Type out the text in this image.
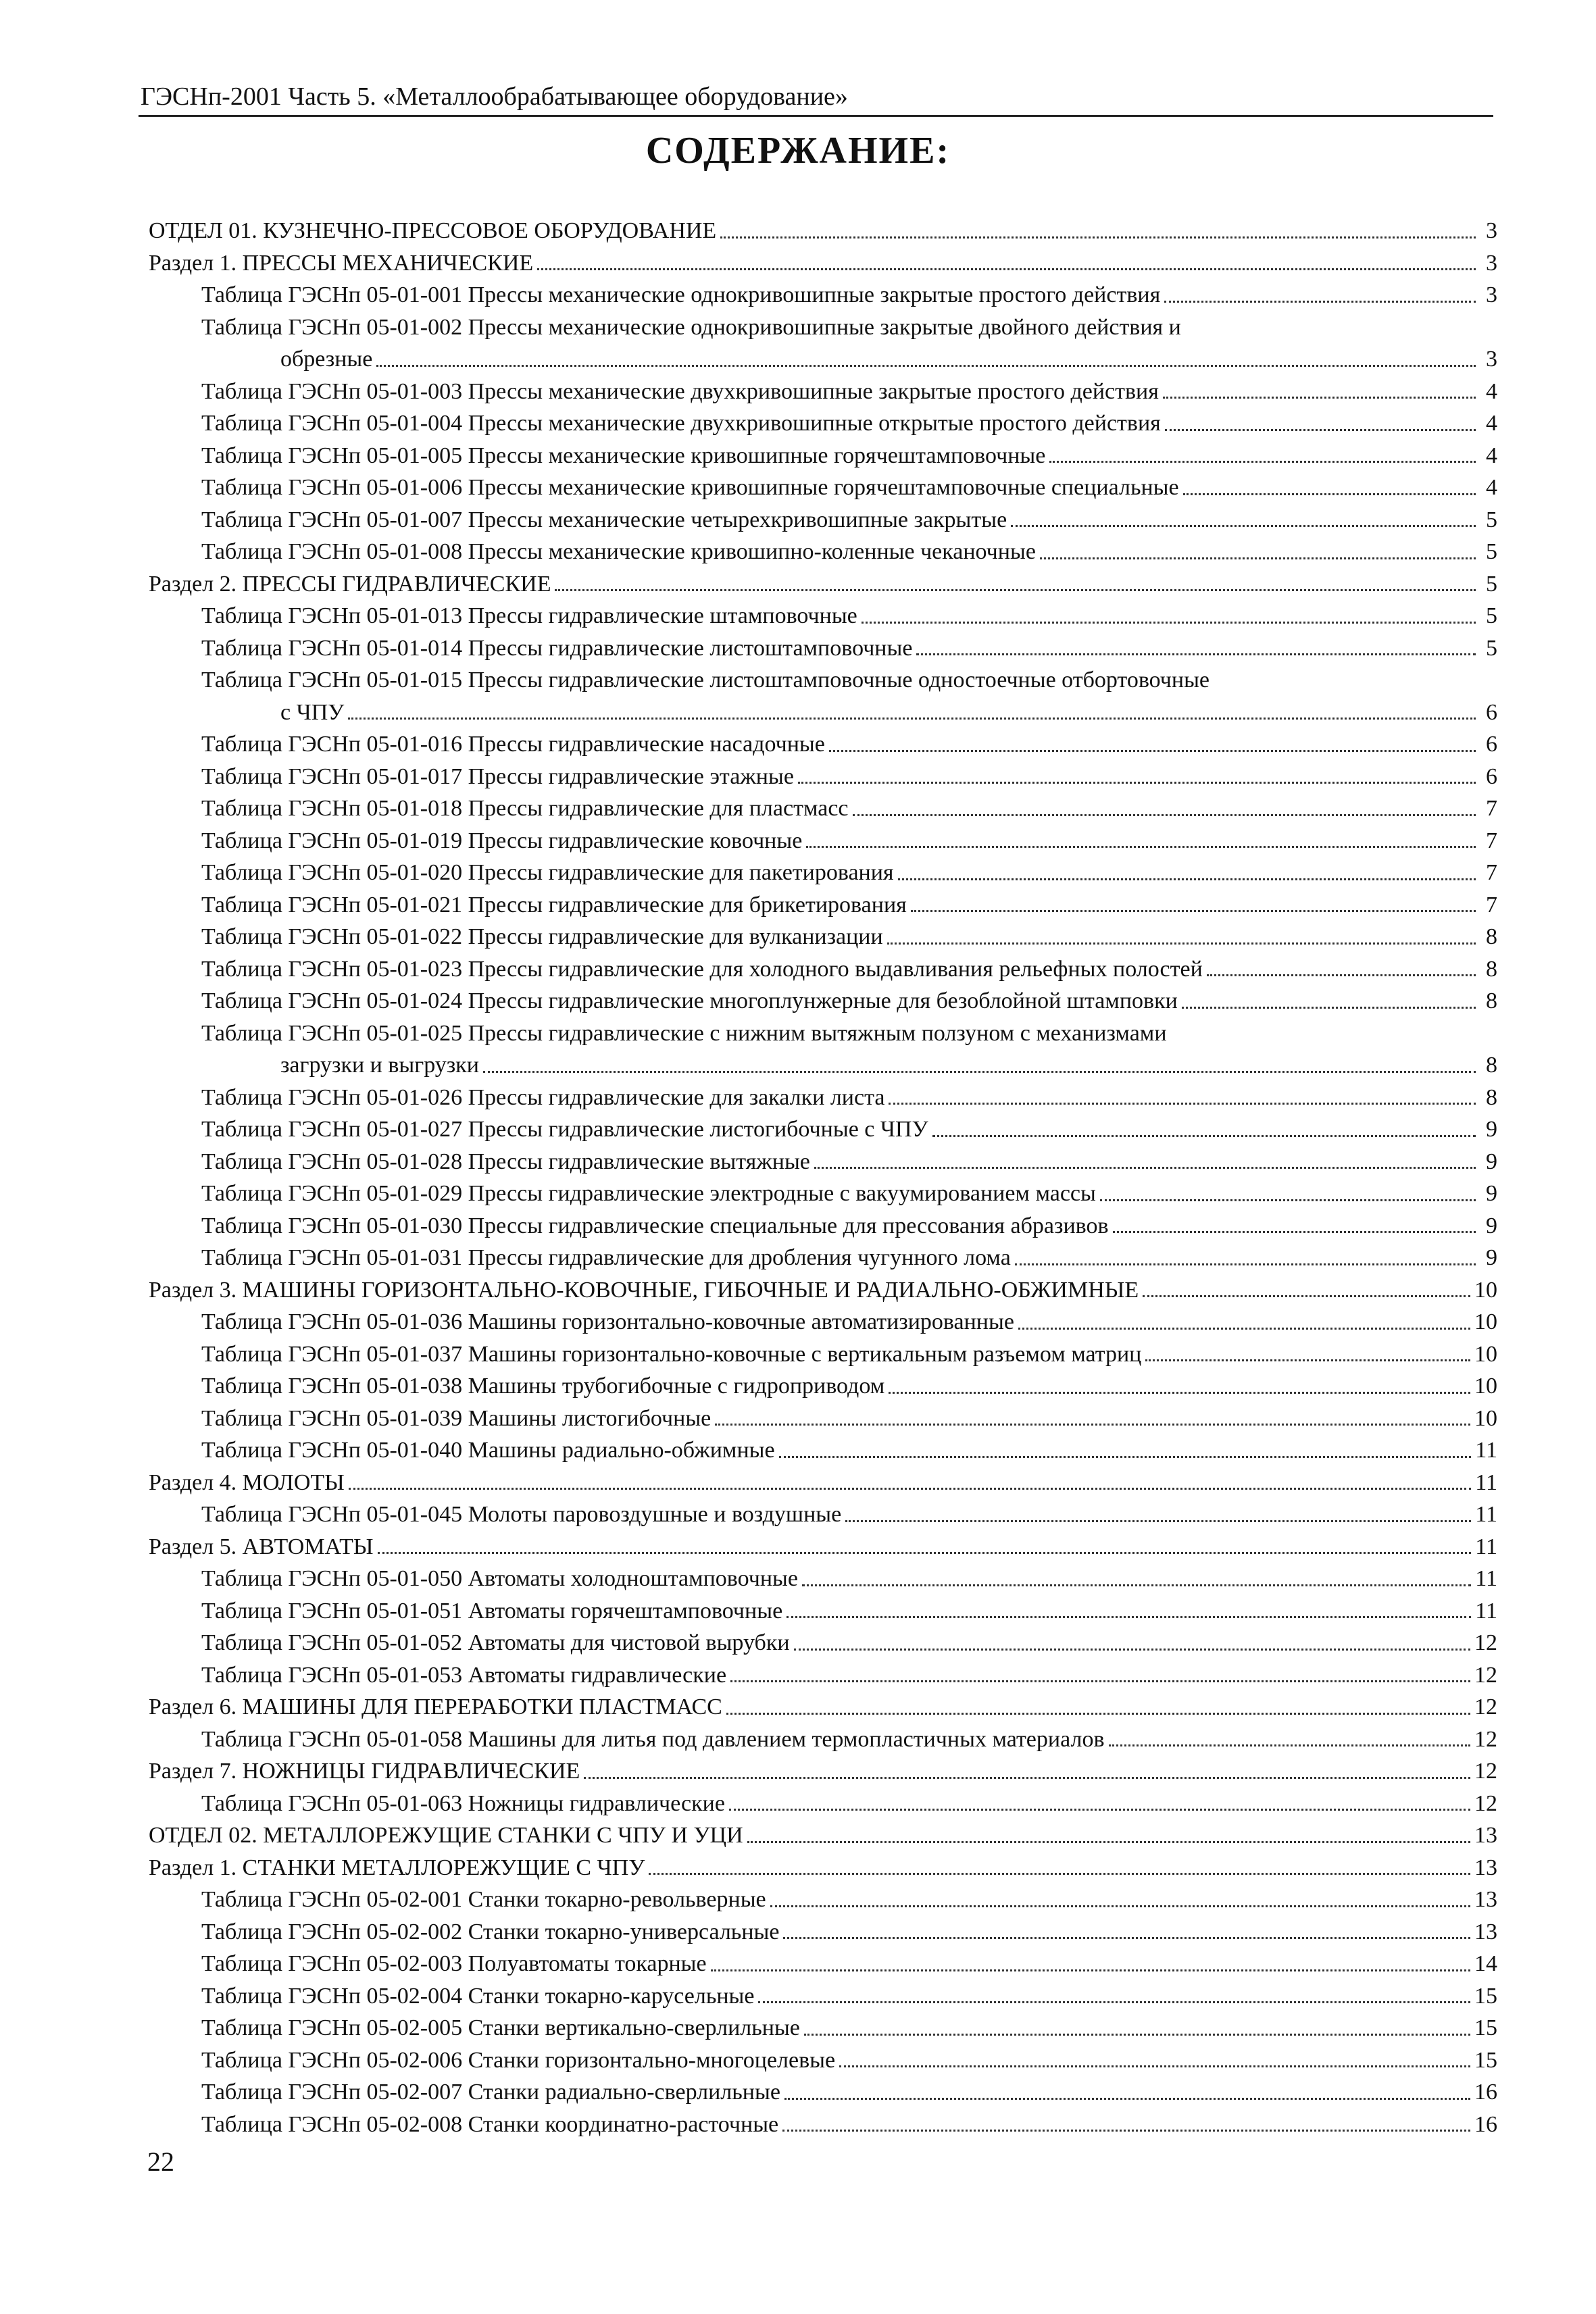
ГЭСНп-2001 Часть 5. «Металлообрабатывающее оборудование»
СОДЕРЖАНИЕ:
ОТДЕЛ 01. КУЗНЕЧНО-ПРЕССОВОЕ ОБОРУДОВАНИЕ	3
Раздел 1. ПРЕССЫ МЕХАНИЧЕСКИЕ	3
Таблица ГЭСНп 05-01-001 Прессы механические однокривошипные закрытые простого действия	3
Таблица ГЭСНп 05-01-002 Прессы механические однокривошипные закрытые двойного действия и
обрезные	3
Таблица ГЭСНп 05-01-003 Прессы механические двухкривошипные закрытые простого действия	4
Таблица ГЭСНп 05-01-004 Прессы механические двухкривошипные открытые простого действия	4
Таблица ГЭСНп 05-01-005 Прессы механические кривошипные горячештамповочные	4
Таблица ГЭСНп 05-01-006 Прессы механические кривошипные горячештамповочные специальные	4
Таблица ГЭСНп 05-01-007 Прессы механические четырехкривошипные закрытые	5
Таблица ГЭСНп 05-01-008 Прессы механические кривошипно-коленные чеканочные	5
Раздел 2. ПРЕССЫ ГИДРАВЛИЧЕСКИЕ	5
Таблица ГЭСНп 05-01-013 Прессы гидравлические штамповочные	5
Таблица ГЭСНп 05-01-014 Прессы гидравлические листоштамповочные	5
Таблица ГЭСНп 05-01-015 Прессы гидравлические листоштамповочные одностоечные отбортовочные
с ЧПУ	6
Таблица ГЭСНп 05-01-016 Прессы гидравлические насадочные	6
Таблица ГЭСНп 05-01-017 Прессы гидравлические этажные	6
Таблица ГЭСНп 05-01-018 Прессы гидравлические для пластмасс	7
Таблица ГЭСНп 05-01-019 Прессы гидравлические ковочные	7
Таблица ГЭСНп 05-01-020 Прессы гидравлические для пакетирования	7
Таблица ГЭСНп 05-01-021 Прессы гидравлические для брикетирования	7
Таблица ГЭСНп 05-01-022 Прессы гидравлические для вулканизации	8
Таблица ГЭСНп 05-01-023 Прессы гидравлические для холодного выдавливания рельефных полостей	8
Таблица ГЭСНп 05-01-024 Прессы гидравлические многоплунжерные для безоблойной штамповки	8
Таблица ГЭСНп 05-01-025 Прессы гидравлические с нижним вытяжным ползуном с механизмами
загрузки и выгрузки	8
Таблица ГЭСНп 05-01-026 Прессы гидравлические для закалки листа	8
Таблица ГЭСНп 05-01-027 Прессы гидравлические листогибочные с ЧПУ	9
Таблица ГЭСНп 05-01-028 Прессы гидравлические вытяжные	9
Таблица ГЭСНп 05-01-029 Прессы гидравлические электродные с вакуумированием массы	9
Таблица ГЭСНп 05-01-030 Прессы гидравлические специальные для прессования абразивов	9
Таблица ГЭСНп 05-01-031 Прессы гидравлические для дробления чугунного лома	9
Раздел 3. МАШИНЫ ГОРИЗОНТАЛЬНО-КОВОЧНЫЕ, ГИБОЧНЫЕ И РАДИАЛЬНО-ОБЖИМНЫЕ	10
Таблица ГЭСНп 05-01-036 Машины горизонтально-ковочные автоматизированные	10
Таблица ГЭСНп 05-01-037 Машины горизонтально-ковочные с вертикальным разъемом матриц	10
Таблица ГЭСНп 05-01-038 Машины трубогибочные с гидроприводом	10
Таблица ГЭСНп 05-01-039 Машины листогибочные	10
Таблица ГЭСНп 05-01-040 Машины радиально-обжимные	11
Раздел 4. МОЛОТЫ	11
Таблица ГЭСНп 05-01-045 Молоты паровоздушные и воздушные	11
Раздел 5. АВТОМАТЫ	11
Таблица ГЭСНп 05-01-050 Автоматы холодноштамповочные	11
Таблица ГЭСНп 05-01-051 Автоматы горячештамповочные	11
Таблица ГЭСНп 05-01-052 Автоматы для чистовой вырубки	12
Таблица ГЭСНп 05-01-053 Автоматы гидравлические	12
Раздел 6. МАШИНЫ ДЛЯ ПЕРЕРАБОТКИ ПЛАСТМАСС	12
Таблица ГЭСНп 05-01-058 Машины для литья под давлением термопластичных материалов	12
Раздел 7. НОЖНИЦЫ ГИДРАВЛИЧЕСКИЕ	12
Таблица ГЭСНп 05-01-063 Ножницы гидравлические	12
ОТДЕЛ 02. МЕТАЛЛОРЕЖУЩИЕ СТАНКИ С ЧПУ И УЦИ	13
Раздел 1. СТАНКИ МЕТАЛЛОРЕЖУЩИЕ С ЧПУ	13
Таблица ГЭСНп 05-02-001 Станки токарно-револьверные	13
Таблица ГЭСНп 05-02-002 Станки токарно-универсальные	13
Таблица ГЭСНп 05-02-003 Полуавтоматы токарные	14
Таблица ГЭСНп 05-02-004 Станки токарно-карусельные	15
Таблица ГЭСНп 05-02-005 Станки вертикально-сверлильные	15
Таблица ГЭСНп 05-02-006 Станки горизонтально-многоцелевые	15
Таблица ГЭСНп 05-02-007 Станки радиально-сверлильные	16
Таблица ГЭСНп 05-02-008 Станки координатно-расточные	16
22
